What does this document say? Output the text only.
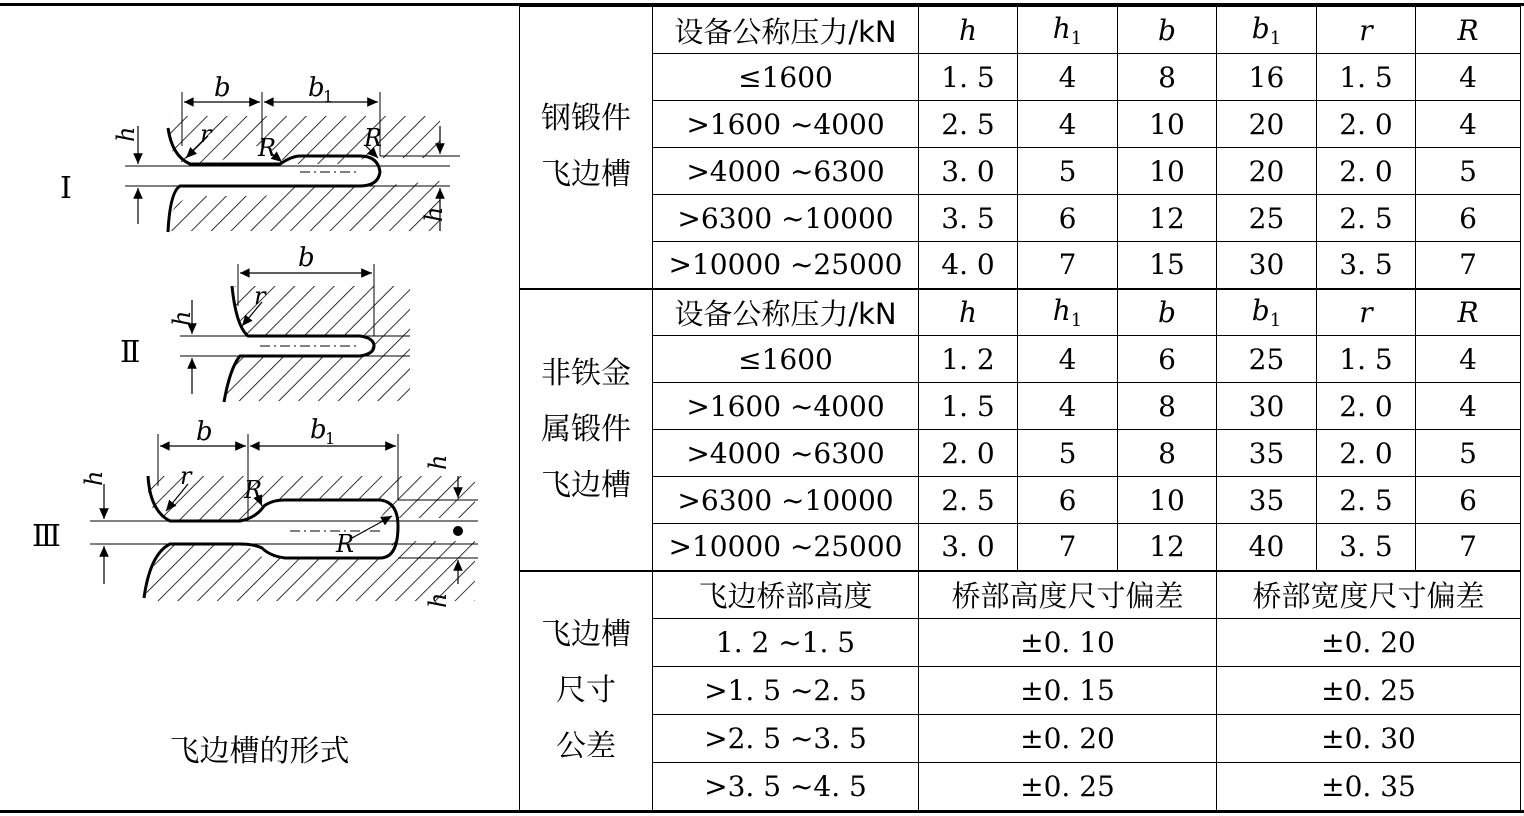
Ⅰ
b	b
1
r R	R
h
h
Ⅱ
b
r
h
Ⅲ
b	b
1
r R
R
h
h
h
飞边槽的形式
钢锻件
飞边槽	设备公称压力/kN	h	$h_1$	b	$b_1$	r	R
	≤1600	1. 5	4	8	16	1. 5	4
	>1600 ~4000	2. 5	4	10	20	2. 0	4
	>4000 ~6300	3. 0	5	10	20	2. 0	5
	>6300 ~10000	3. 5	6	12	25	2. 5	6
	>10000 ~25000	4. 0	7	15	30	3. 5	7

非铁金
属锻件
飞边槽	设备公称压力/kN	h	$h_1$	b	$b_1$	r	R
	≤1600	1. 2	4	6	25	1. 5	4
	>1600 ~4000	1. 5	4	8	30	2. 0	4
	>4000 ~6300	2. 0	5	8	35	2. 0	5
	>6300 ~10000	2. 5	6	10	35	2. 5	6
	>10000 ~25000	3. 0	7	12	40	3. 5	7

飞边槽
尺寸
公差	飞边桥部高度	桥部高度尺寸偏差			桥部宽度尺寸偏差		
	1. 2 ~1. 5	±0. 10			±0. 20		
	>1. 5 ~2. 5	±0. 15			±0. 25		
	>2. 5 ~3. 5	±0. 20			±0. 30		
	>3. 5 ~4. 5	±0. 25			±0. 35		
